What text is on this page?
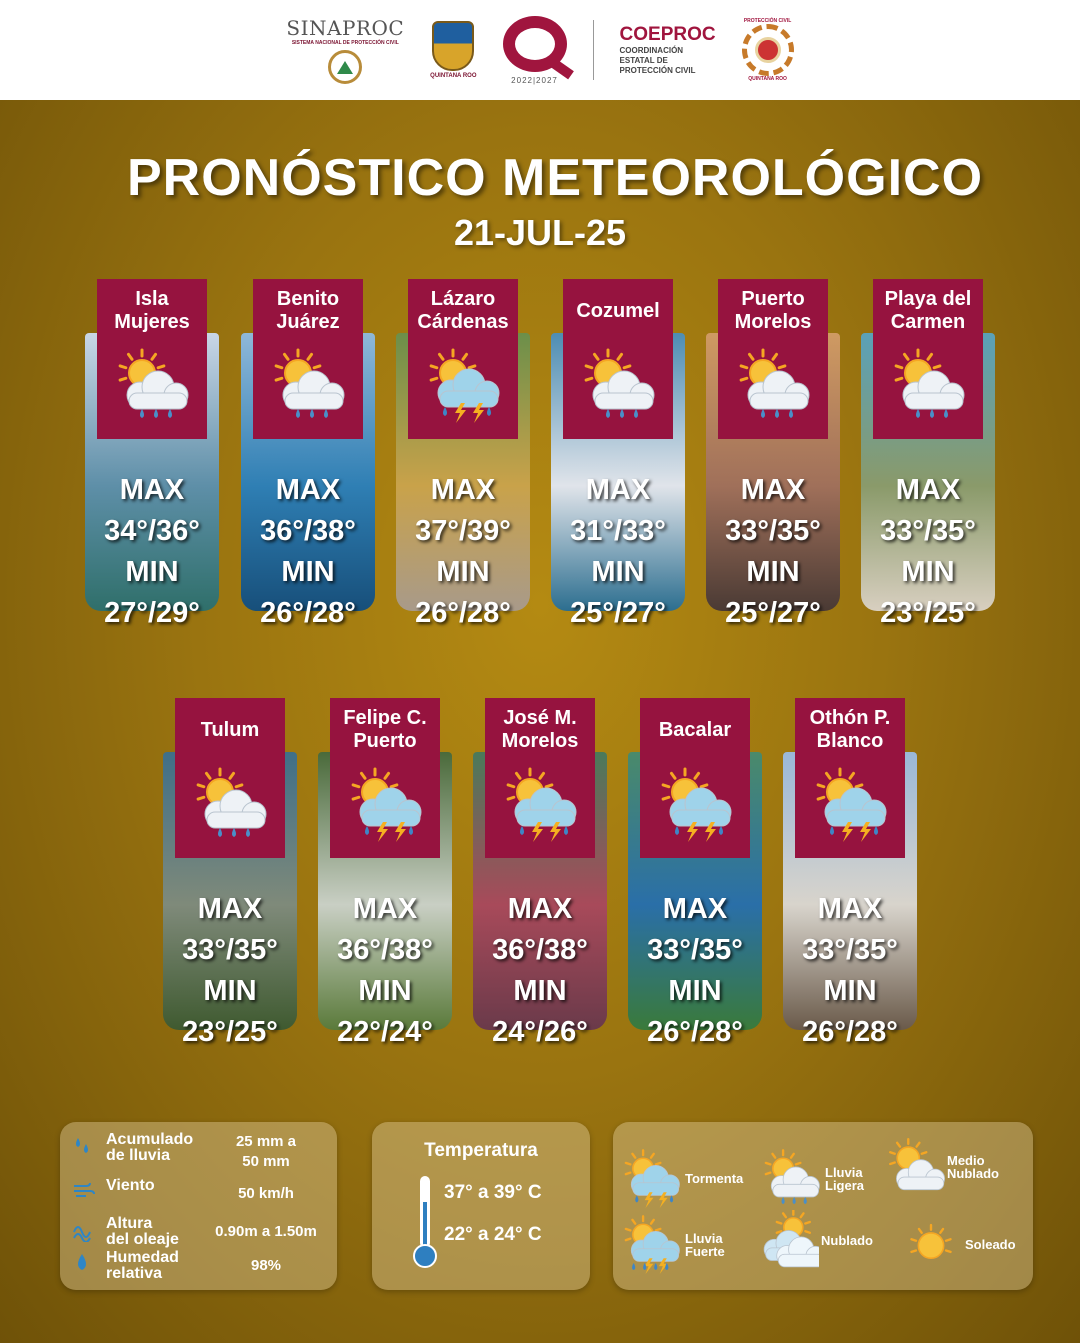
SINAPROC
SISTEMA NACIONAL DE PROTECCIÓN CIVIL
QUINTANA ROO	2022|2027
COEPROC
COORDINACIÓN
ESTATAL DE
PROTECCIÓN CIVIL
PROTECCIÓN CIVIL
QUINTANA ROO
PRONÓSTICO METEOROLÓGICO
21-JUL-25
Isla
Mujeres
MAX
34°/36°
MIN
27°/29°
Benito
Juárez
MAX
36°/38°
MIN
26°/28°
Lázaro
Cárdenas
MAX
37°/39°
MIN
26°/28°
Cozumel
MAX
31°/33°
MIN
25°/27°
Puerto
Morelos
MAX
33°/35°
MIN
25°/27°
Playa del
Carmen
MAX
33°/35°
MIN
23°/25°
Tulum
MAX
33°/35°
MIN
23°/25°
Felipe C.
Puerto
MAX
36°/38°
MIN
22°/24°
José M.
Morelos
MAX
36°/38°
MIN
24°/26°
Bacalar
MAX
33°/35°
MIN
26°/28°
Othón P.
Blanco
MAX
33°/35°
MIN
26°/28°
Acumulado
de lluvia
25 mm a
50 mm
Viento	50 km/h
Altura
del oleaje	0.90m a 1.50m
Humedad
relativa	98%
Temperatura
37° a 39° C
22° a 24° C
Tormenta	Lluvia
Ligera
Medio
Nublado
Lluvia
Fuerte
Nublado	Soleado
